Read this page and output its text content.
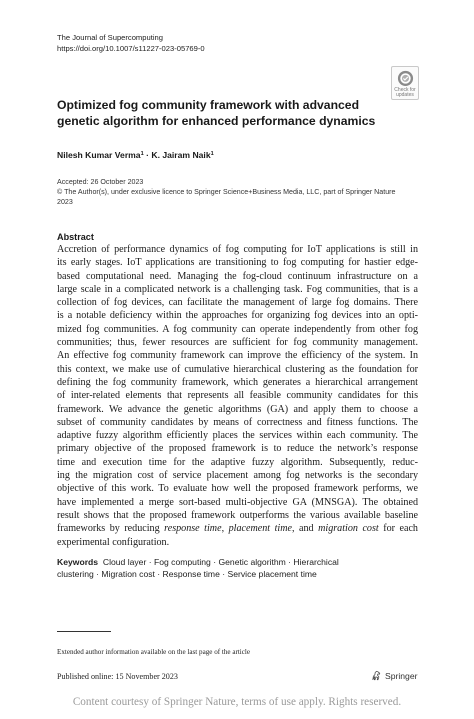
The Journal of Supercomputing
https://doi.org/10.1007/s11227-023-05769-0
Check for
updates
Optimized fog community framework with advanced
genetic algorithm for enhanced performance dynamics
Nilesh Kumar Verma$^1$ · K. Jairam Naik$^1$
Accepted: 26 October 2023
© The Author(s), under exclusive licence to Springer Science+Business Media, LLC, part of Springer Nature
2023
Abstract
Accretion of performance dynamics of fog computing for IoT applications is still in
its early stages. IoT applications are transitioning to fog computing for hastier edge-
based computational need. Managing the fog-cloud continuum infrastructure on a
large scale in a complicated network is a challenging task. Fog communities, that is a
collection of fog devices, can facilitate the management of large fog domains. There
is a notable deficiency within the approaches for organizing fog devices into an opti-
mized fog communities. A fog community can operate independently from other fog
communities; thus, fewer resources are sufficient for fog community management.
An effective fog community framework can improve the efficiency of the system. In
this context, we make use of cumulative hierarchical clustering as the foundation for
defining the fog community framework, which generates a hierarchical arrangement
of inter-related elements that represents all feasible community candidates for this
framework. We advance the genetic algorithms (GA) and apply them to choose a
subset of community candidates by means of correctness and fitness functions. The
adaptive fuzzy algorithm efficiently places the services within each community. The
primary objective of the proposed framework is to reduce the network’s response
time and execution time for the adaptive fuzzy algorithm. Subsequently, reduc-
ing the migration cost of service placement among fog networks is the secondary
objective of this work. To evaluate how well the proposed framework performs, we
have implemented a merge sort-based multi-objective GA (MNSGA). The obtained
result shows that the proposed framework outperforms the various available baseline
frameworks by reducing response time, placement time, and migration cost for each
experimental configuration.
Keywords Cloud layer · Fog computing · Genetic algorithm · Hierarchical
clustering · Migration cost · Response time · Service placement time
Extended author information available on the last page of the article
Published online: 15 November 2023	Springer
Content courtesy of Springer Nature, terms of use apply. Rights reserved.
